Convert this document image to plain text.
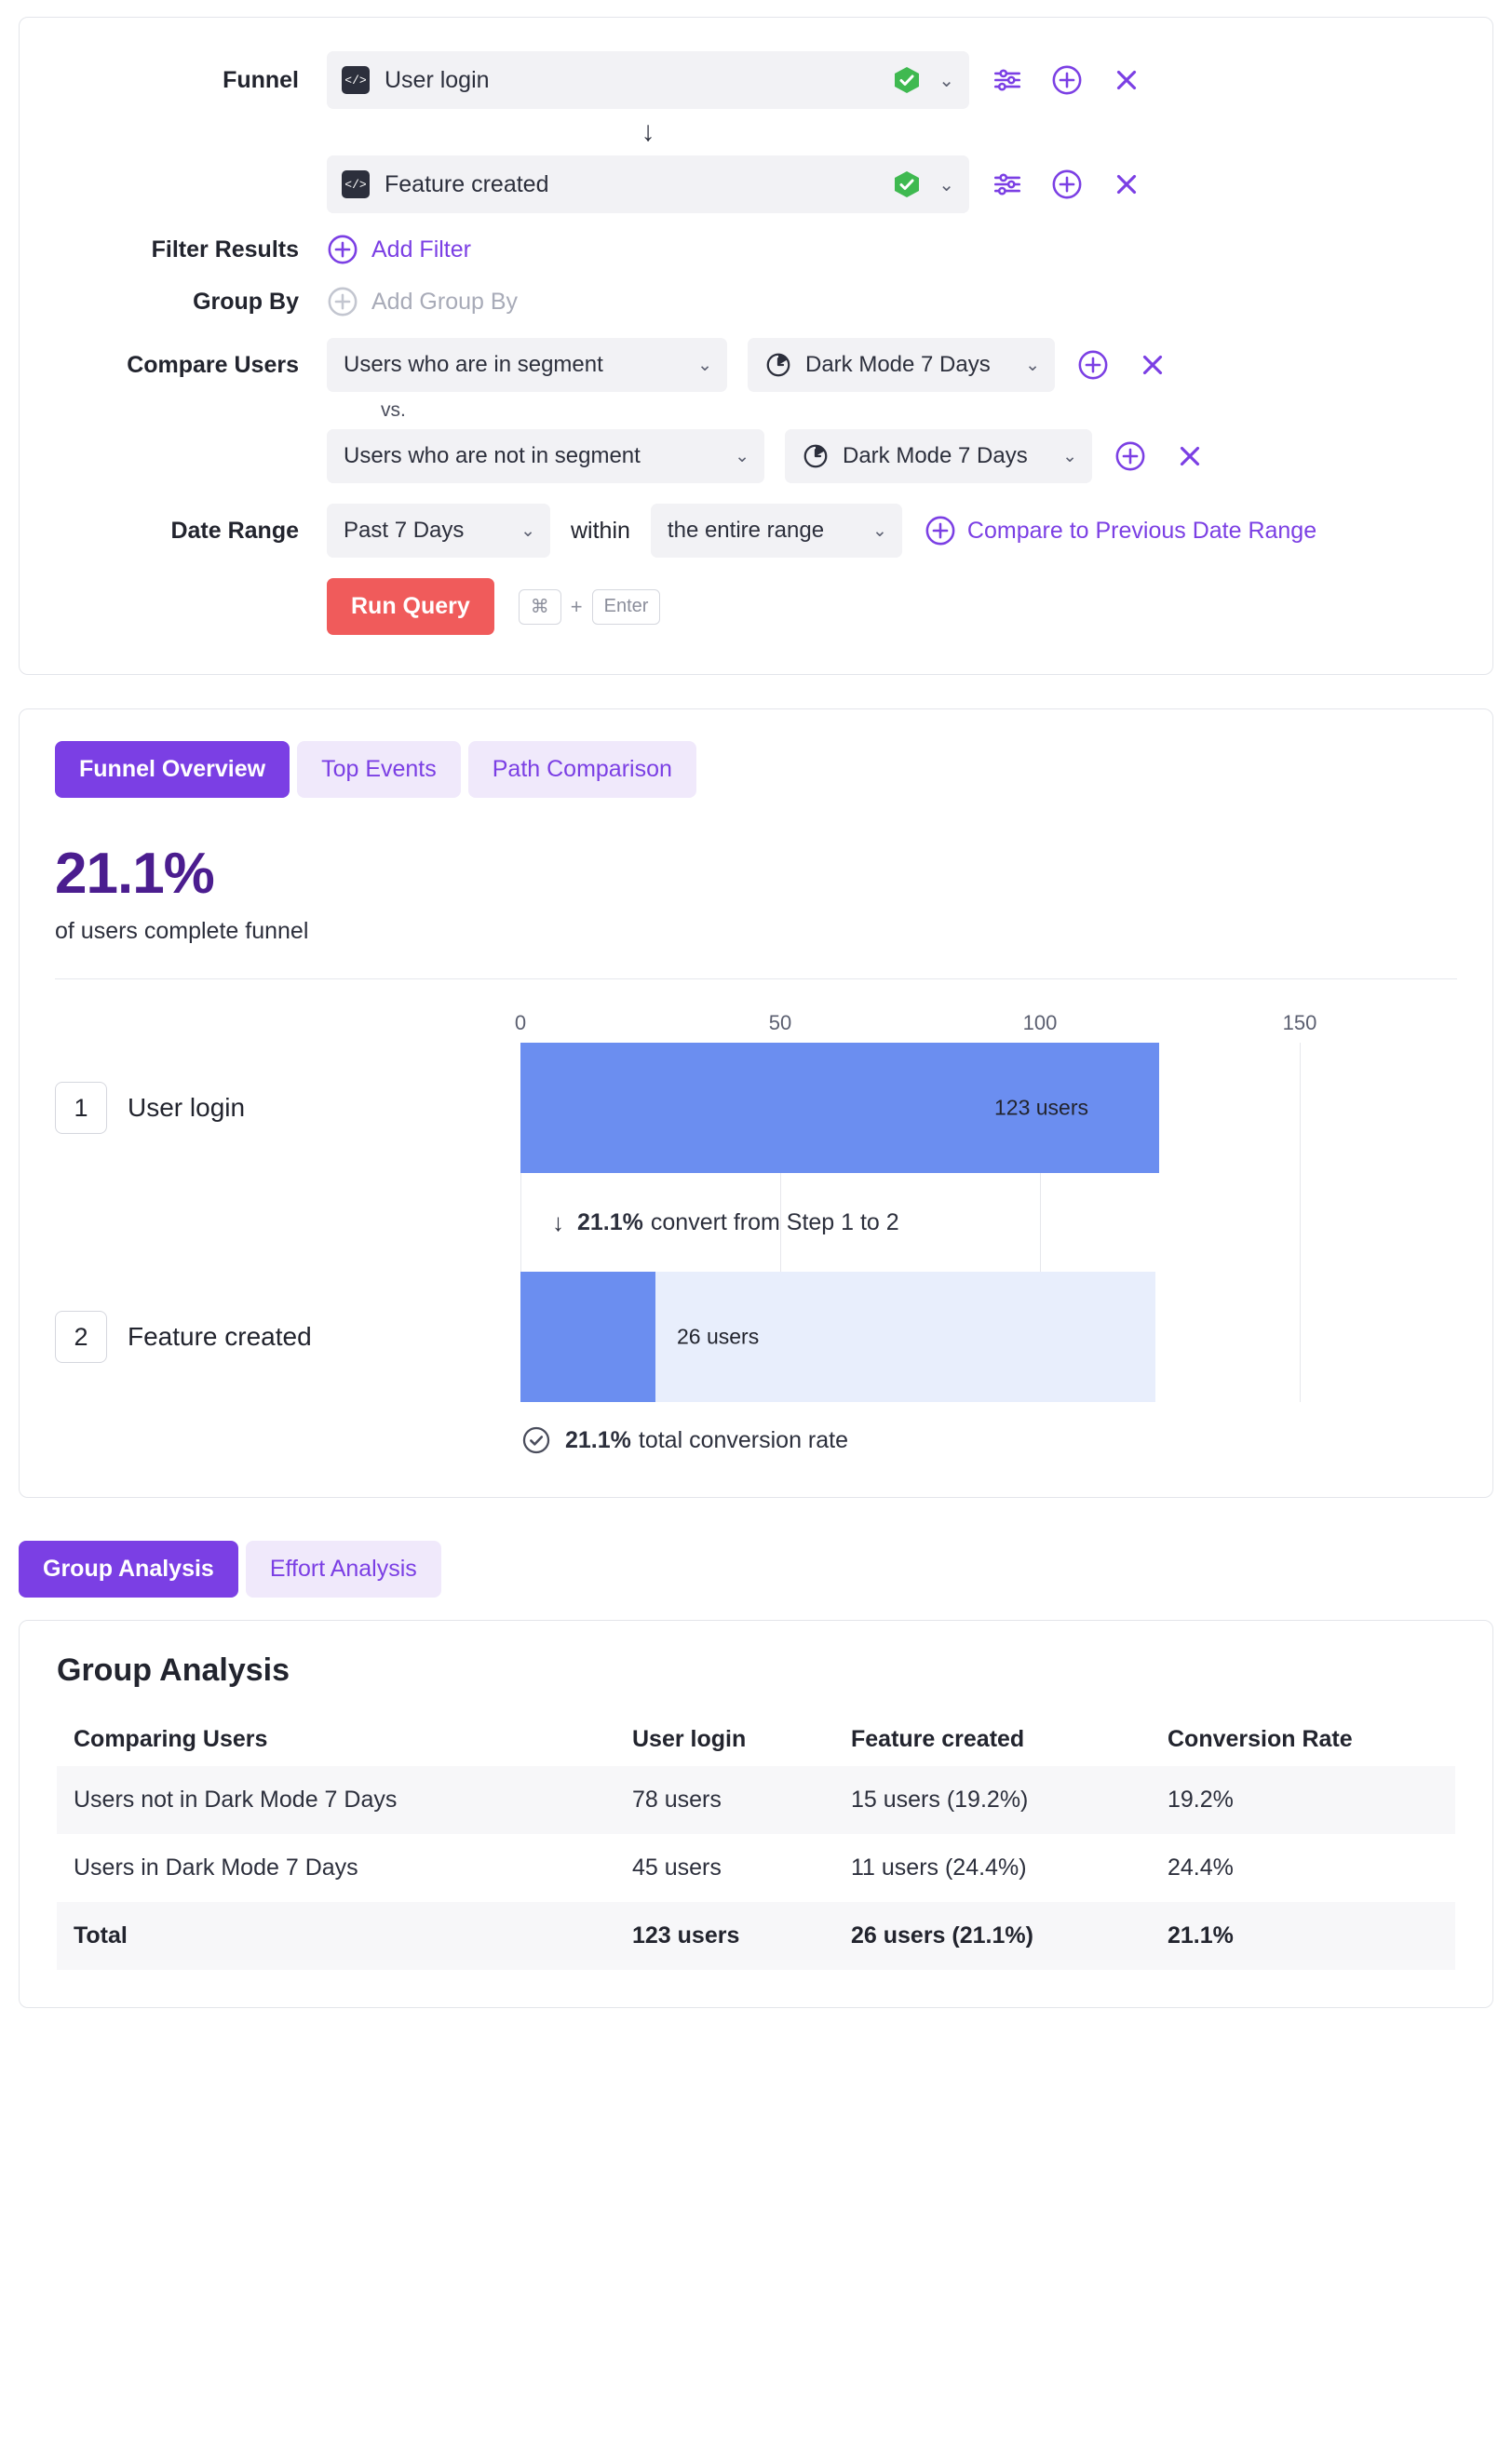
Funnel </>	User login	⌄
↓
</>
Feature created	⌄
Filter Results	Add Filter
Group By	Add Group By
Compare Users	Users who are in segment	⌄	Dark Mode 7 Days ⌄
vs.
Users who are not in segment	⌄	Dark Mode 7 Days ⌄
Date Range	Past 7 Days	⌄ within the entire range	⌄	Compare to Previous Date Range
Run Query	⌘	+	Enter
Funnel Overview	Top Events	Path Comparison
21.1%
of users complete funnel
0	50	100	150
1	User login	123 users
↓ 21.1% convert from Step 1 to 2
2	Feature created	26 users
21.1% total conversion rate
Group Analysis	Effort Analysis
Group Analysis
Comparing Users	User login	Feature created	Conversion Rate
Users not in Dark Mode 7 Days	78 users	15 users (19.2%)	19.2%
Users in Dark Mode 7 Days	45 users	11 users (24.4%)	24.4%
Total	123 users	26 users (21.1%)	21.1%
